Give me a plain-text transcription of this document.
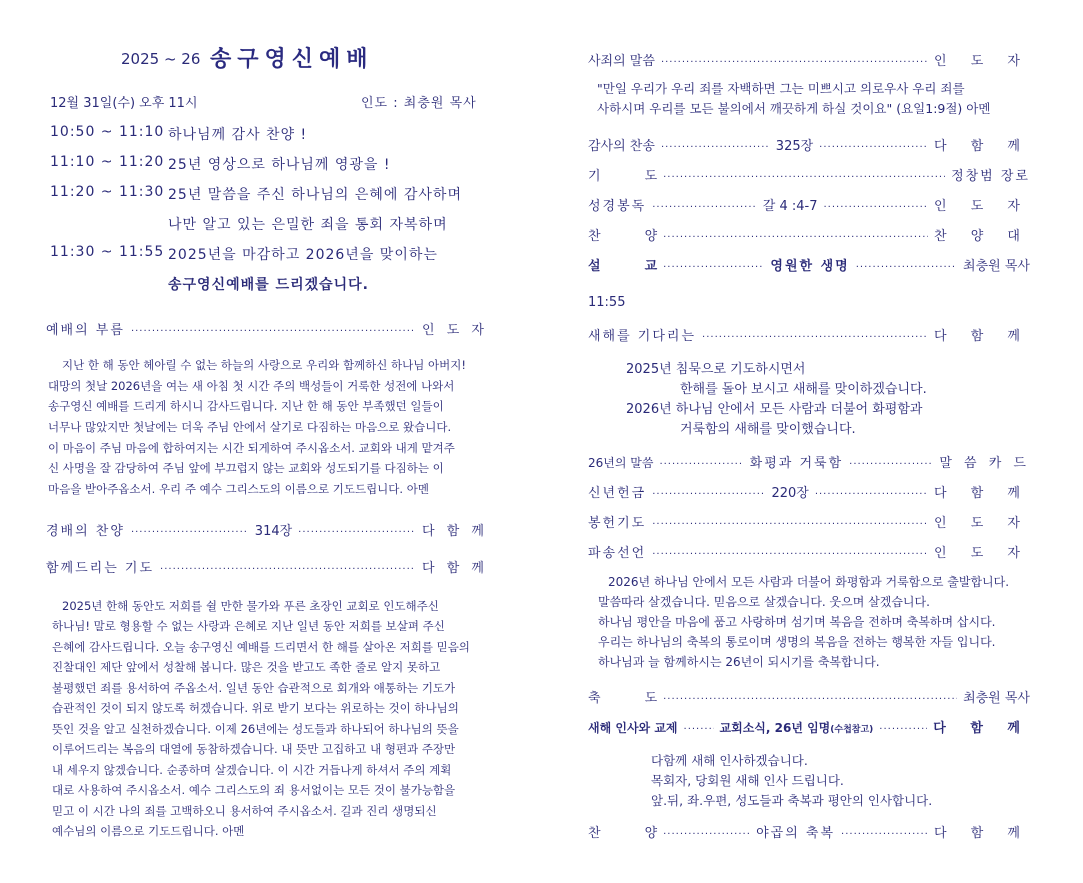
2025 ~ 26 송구영신예배
12월 31일(수) 오후 11시	인도 : 최충원 목사
10:50 ~ 11:10 하나님께 감사 찬양 !
11:10 ~ 11:20 25년 영상으로 하나님께 영광을 !
11:20 ~ 11:30 25년 말씀을 주신 하나님의 은혜에 감사하며
나만 알고 있는 은밀한 죄을 통회 자복하며
11:30 ~ 11:55 2025년을 마감하고 2026년을 맞이하는
송구영신예배를 드리겠습니다.
예배의 부름 ·····	인 도 자
지난 한 해 동안 헤아릴 수 없는 하늘의 사랑으로 우리와 함께하신 하나님 아버지!
대망의 첫날 2026년을 여는 새 아침 첫 시간 주의 백성들이 거룩한 성전에 나와서
송구영신 예배를 드리게 하시니 감사드립니다. 지난 한 해 동안 부족했던 일들이
너무나 많았지만 첫날에는 더욱 주님 안에서 살기로 다짐하는 마음으로 왔습니다.
이 마음이 주님 마음에 합하여지는 시간 되게하여 주시옵소서. 교회와 내게 맡겨주
신 사명을 잘 감당하여 주님 앞에 부끄럽지 않는 교회와 성도되기를 다짐하는 이
마음을 받아주옵소서. 우리 주 예수 그리스도의 이름으로 기도드립니다. 아멘
경배의 찬양 ·····	314장 ·····	다 함 께
함께드리는 기도 ·····	다 함 께
2025년 한해 동안도 저희를 쉴 만한 물가와 푸른 초장인 교회로 인도해주신
하나님! 말로 형용할 수 없는 사랑과 은혜로 지난 일년 동안 저희를 보살펴 주신
은혜에 감사드립니다. 오늘 송구영신 예배를 드리면서 한 해를 살아온 저희를 믿음의
진찰대인 제단 앞에서 성찰해 봅니다. 많은 것을 받고도 족한 줄로 알지 못하고
불평했던 죄를 용서하여 주옵소서. 일년 동안 습관적으로 회개와 애통하는 기도가
습관적인 것이 되지 않도록 허겠습니다. 위로 받기 보다는 위로하는 것이 하나님의
뜻인 것을 알고 실천하겠습니다. 이제 26년에는 성도들과 하나되어 하나님의 뜻을
이루어드리는 복음의 대열에 동참하겠습니다. 내 뜻만 고집하고 내 형편과 주장만
내 세우지 않겠습니다. 순종하며 살겠습니다. 이 시간 거듭나게 하셔서 주의 계획
대로 사용하여 주시옵소서. 예수 그리스도의 죄 용서없이는 모든 것이 불가능함을
믿고 이 시간 나의 죄를 고백하오니 용서하여 주시옵소서. 길과 진리 생명되신
예수님의 이름으로 기도드립니다. 아멘
사죄의 말씀 ·····	인 도 자
"만일 우리가 우리 죄를 자백하면 그는 미쁘시고 의로우사 우리 죄를
사하시며 우리를 모든 불의에서 깨끗하게 하실 것이요" (요일1:9절) 아멘
감사의 찬송 ·····	325장 ·····	다 함 께
기	도 ·····	정창범 장로
성경봉독 ·····	갈 4 :4-7 ·····	인 도 자
찬	양 ·····	찬 양 대
설	교 ·····	영원한 생명 ·····	최충원 목사
11:55
새해를 기다리는 ·····	다 함 께
2025년 침묵으로 기도하시면서
한해를 돌아 보시고 새해를 맞이하겠습니다.
2026년 하나님 안에서 모든 사람과 더불어 화평함과
거룩함의 새해를 맞이했습니다.
26년의 말씀 ·····	화평과 거룩함 ·····	말 씀 카 드
신년헌금 ·····	220장 ·····	다 함 께
봉헌기도 ·····	인 도 자
파송선언 ·····	인 도 자
2026년 하나님 안에서 모든 사람과 더불어 화평함과 거룩함으로 출발합니다.
말씀따라 살겠습니다. 믿음으로 살겠습니다. 웃으며 살겠습니다.
하나님 평안을 마음에 품고 사랑하며 섬기며 복음을 전하며 축복하며 삽시다.
우리는 하나님의 축복의 통로이며 생명의 복음을 전하는 행복한 자들 입니다.
하나님과 늘 함께하시는 26년이 되시기를 축복합니다.
축	도 ·····	최충원 목사
새해 인사와 교제 ·····	교회소식, 26년 임명 (수첩참고) ·····	다 함 께
다함께 새해 인사하겠습니다.
목회자, 당회원 새해 인사 드립니다.
앞.뒤, 좌.우편, 성도들과 축복과 평안의 인사합니다.
찬	양 ·····	야곱의 축복 ·····	다 함 께
